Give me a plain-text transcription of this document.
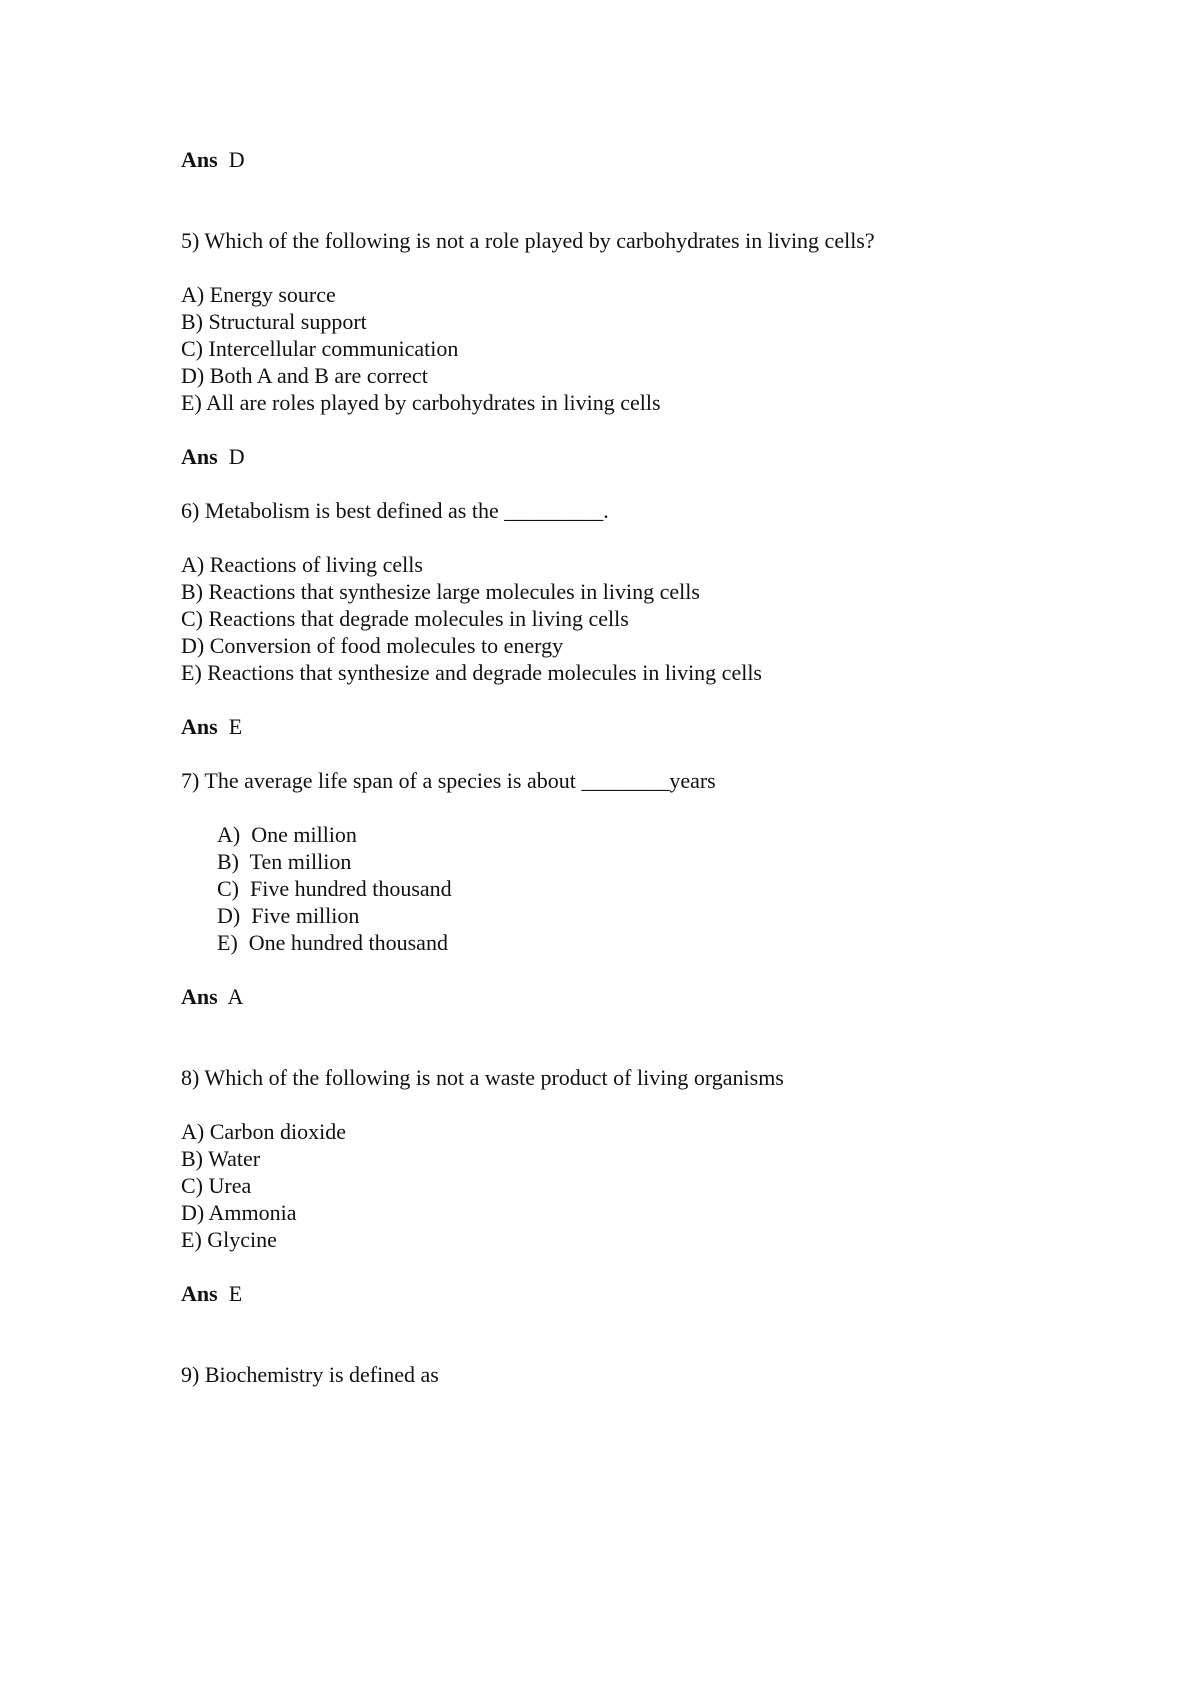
Ans D
5) Which of the following is not a role played by carbohydrates in living cells?
A) Energy source
B) Structural support
C) Intercellular communication
D) Both A and B are correct
E) All are roles played by carbohydrates in living cells
Ans D
6) Metabolism is best defined as the _________.
A) Reactions of living cells
B) Reactions that synthesize large molecules in living cells
C) Reactions that degrade molecules in living cells
D) Conversion of food molecules to energy
E) Reactions that synthesize and degrade molecules in living cells
Ans E
7) The average life span of a species is about ________years
A)  One million
B)  Ten million
C)  Five hundred thousand
D)  Five million
E)  One hundred thousand
Ans A
8) Which of the following is not a waste product of living organisms
A) Carbon dioxide
B) Water
C) Urea
D) Ammonia
E) Glycine
Ans E
9) Biochemistry is defined as
